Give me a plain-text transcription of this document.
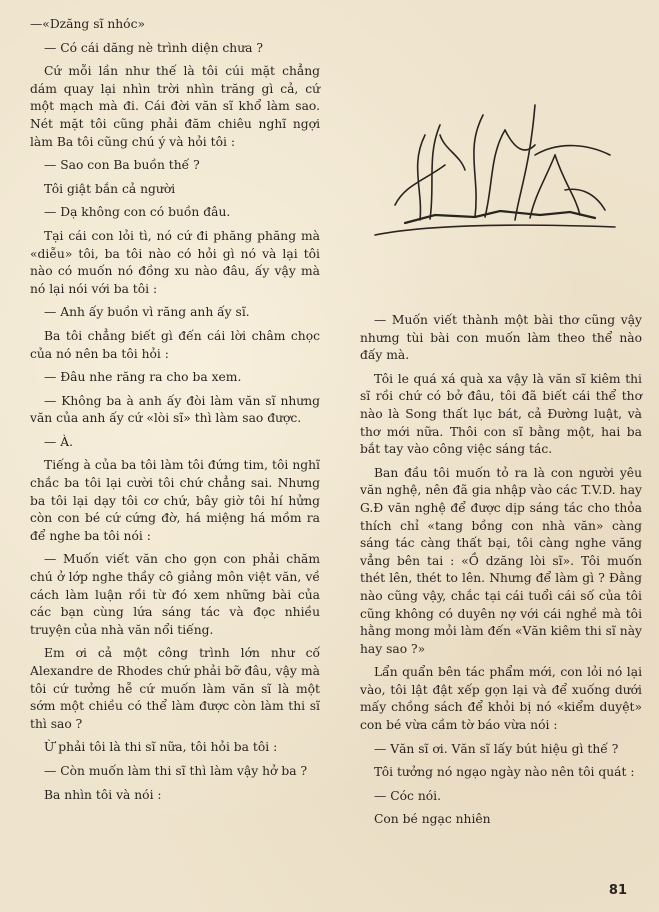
—«Dzăng sĩ nhóc»

— Có cái dăng nè trình diện chưa ?

Cứ mỗi lần như thế là tôi cúi mặt chẳng dám quay lại nhìn trời nhìn trăng gì cả, cứ một mạch mà đi. Cái đời văn sĩ khổ làm sao. Nét mặt tôi cũng phải đăm chiêu nghĩ ngợi làm Ba tôi cũng chú ý và hỏi tôi :

— Sao con Ba buồn thế ?

Tôi giật bắn cả người

— Dạ không con có buồn đâu.

Tại cái con lỏi tì, nó cứ đi phăng phăng mà «diễu» tôi, ba tôi nào có hỏi gì nó và lại tôi nào có muốn nó đồng xu nào đâu, ấy vậy mà nó lại nói với ba tôi :

— Anh ấy buồn vì răng anh ấy sĩ.

Ba tôi chẳng biết gì đến cái lời châm chọc của nó nên ba tôi hỏi :

— Đâu nhe răng ra cho ba xem.

— Không ba à anh ấy đòi làm văn sĩ nhưng văn của anh ấy cứ «lòi sĩ» thì làm sao được.

— À.

Tiếng à của ba tôi làm tôi đứng tim, tôi nghĩ chắc ba tôi lại cười tôi chứ chẳng sai. Nhưng ba tôi lại dạy tôi cơ chứ, bây giờ tôi hí hửng còn con bé cứ cứng đờ, há miệng há mồm ra để nghe ba tôi nói :

— Muốn viết văn cho gọn con phải chăm chú ở lớp nghe thầy cô giảng môn việt văn, về cách làm luận rồi từ đó xem những bài của các bạn cùng lứa sáng tác và đọc nhiều truyện của nhà văn nổi tiếng.

Em ơi cả một công trình lớn như cố Alexandre de Rhodes chứ phải bỡ đâu, vậy mà tôi cứ tưởng hễ cứ muốn làm văn sĩ là một sớm một chiều có thể làm được còn làm thi sĩ thì sao ?

Ừ phải tôi là thi sĩ nữa, tôi hỏi ba tôi :

— Còn muốn làm thi sĩ thì làm vậy hở ba ?

Ba nhìn tôi và nói :

— Muốn viết thành một bài thơ cũng vậy nhưng tùi bài con muốn làm theo thể nào đấy mà.

Tôi le quá xá quà xa vậy là văn sĩ kiêm thi sĩ rồi chứ có bở đâu, tôi đã biết cái thể thơ nào là Song thất lục bát, cả Đường luật, và thơ mới nữa. Thôi con sĩ bằng một, hai ba bắt tay vào công việc sáng tác.

Ban đầu tôi muốn tỏ ra là con người yêu văn nghệ, nên đã gia nhập vào các T.V.D. hay G.Đ văn nghệ để được dịp sáng tác cho thỏa thích chỉ «tang bồng con nhà văn» càng sáng tác càng thất bại, tôi càng nghe văng vẳng bên tai : «Ồ dzăng lòi sĩ». Tôi muốn thét lên, thét to lên. Nhưng để làm gì ? Đằng nào cũng vậy, chắc tại cái tuổi cái số của tôi cũng không có duyên nợ với cái nghề mà tôi hằng mong mỏi làm đến «Văn kiêm thi sĩ này hay sao ?»

Lẩn quẩn bên tác phẩm mới, con lỏi nó lại vào, tôi lật đật xếp gọn lại và để xuống dưới mấy chồng sách để khỏi bị nó «kiểm duyệt» con bé vừa cầm tờ báo vừa nói :

— Văn sĩ ơi. Văn sĩ lấy bút hiệu gì thế ?

Tôi tưởng nó ngạo ngày nào nên tôi quát :

— Cóc nói.

Con bé ngạc nhiên

81
